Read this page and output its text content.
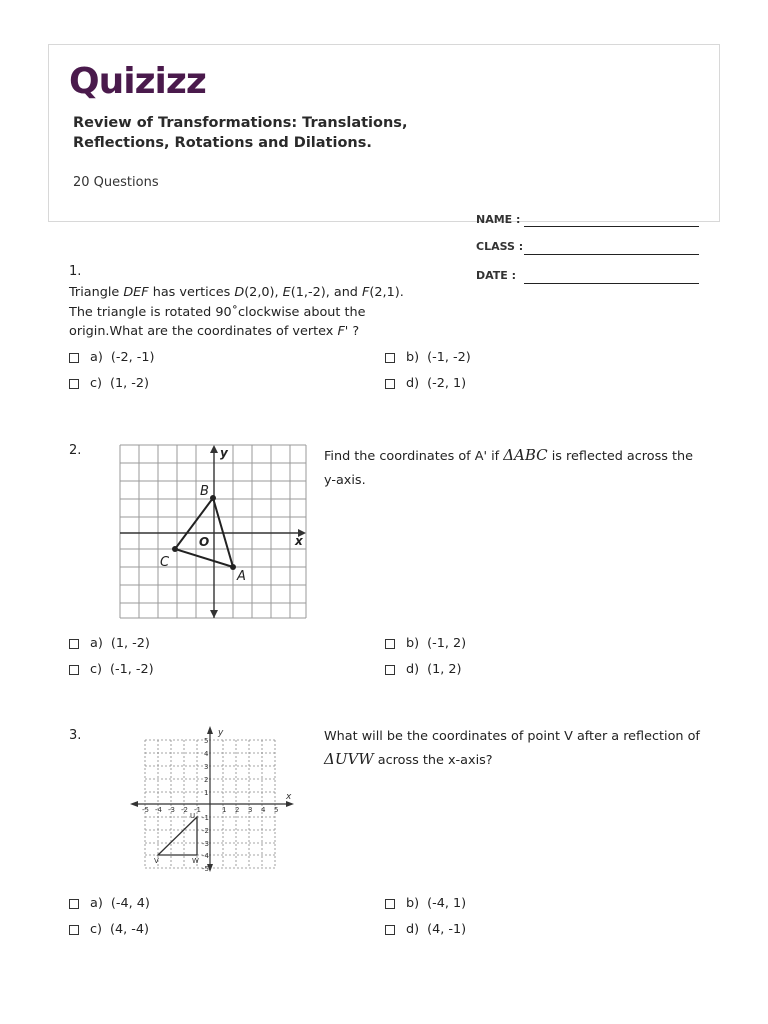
Quizizz
Review of Transformations: Translations, Reflections, Rotations and Dilations.
20 Questions
NAME :
CLASS :
DATE :
1.
Triangle DEF has vertices D(2,0), E(1,-2), and F(2,1). The triangle is rotated 90˚clockwise about the origin.What are the coordinates of vertex F' ?
a) (-2, -1)	b) (-1, -2)
c) (1, -2)	d) (-2, 1)
2.	y
x
O
B
C
A
Find the coordinates of A' if ΔABC is reflected across the y-axis.
a) (1, -2)	b) (-1, 2)
c) (-1, -2)	d) (1, 2)
3.
-5 -4 -3 -2 -1	1 2 3 4 5
5
4
3
2
1
-1
-2
-3
-4
-5
y
x
U
V	W
What will be the coordinates of point V after a reflection of ΔUVW across the x-axis?
a) (-4, 4)	b) (-4, 1)
c) (4, -4)	d) (4, -1)
